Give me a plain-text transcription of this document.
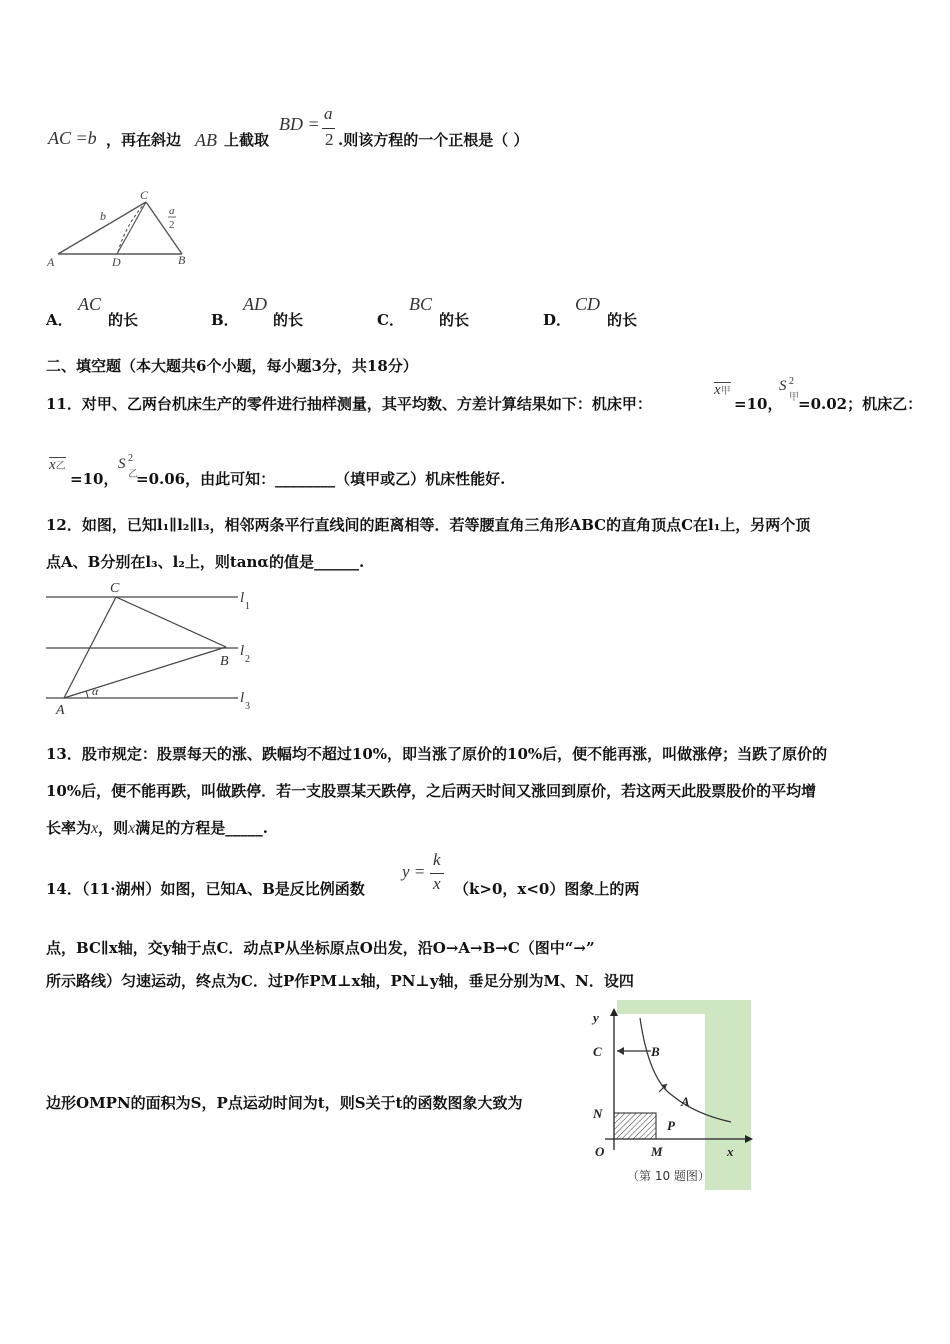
AC =b ，再在斜边 AB 上截取
BD =
a
2 .则该方程的一个正根是（ ）
A	D	B
C
b	a
2
A．
AC
的长	B．
AD
的长	C．
BC
的长	D．
CD
的长
二、填空题（本大题共6个小题，每小题3分，共18分）
11．对甲、乙两台机床生产的零件进行抽样测量，其平均数、方差计算结果如下：机床甲：
x甲
=10，
S 2
甲 =0.02；机床乙：
x乙
=10，
S 2
乙
=0.06，由此可知：________（填甲或乙）机床性能好.
12．如图，已知l₁∥l₂∥l₃，相邻两条平行直线间的距离相等．若等腰直角三角形ABC的直角顶点C在l₁上，另两个顶
点A、B分别在l₃、l₂上，则tanα的值是______.
C
B
A
α
l
1
l
2
l
3
13．股市规定：股票每天的涨、跌幅均不超过10%，即当涨了原价的10%后，便不能再涨，叫做涨停；当跌了原价的
10%后，便不能再跌，叫做跌停．若一支股票某天跌停，之后两天时间又涨回到原价，若这两天此股票股价的平均增
长率为x，则x满足的方程是_____.
14．（11·湖州）如图，已知A、B是反比例函数
y =
k
x （k>0，x<0）图象上的两
点，BC∥x轴，交y轴于点C．动点P从坐标原点O出发，沿O→A→B→C（图中“→”
所示路线）匀速运动，终点为C．过P作PM⊥x轴，PN⊥y轴，垂足分别为M、N．设四
边形OMPN的面积为S，P点运动时间为t，则S关于t的函数图象大致为
y
C	B
N
A
P
O	M	x
（第 10 题图）
